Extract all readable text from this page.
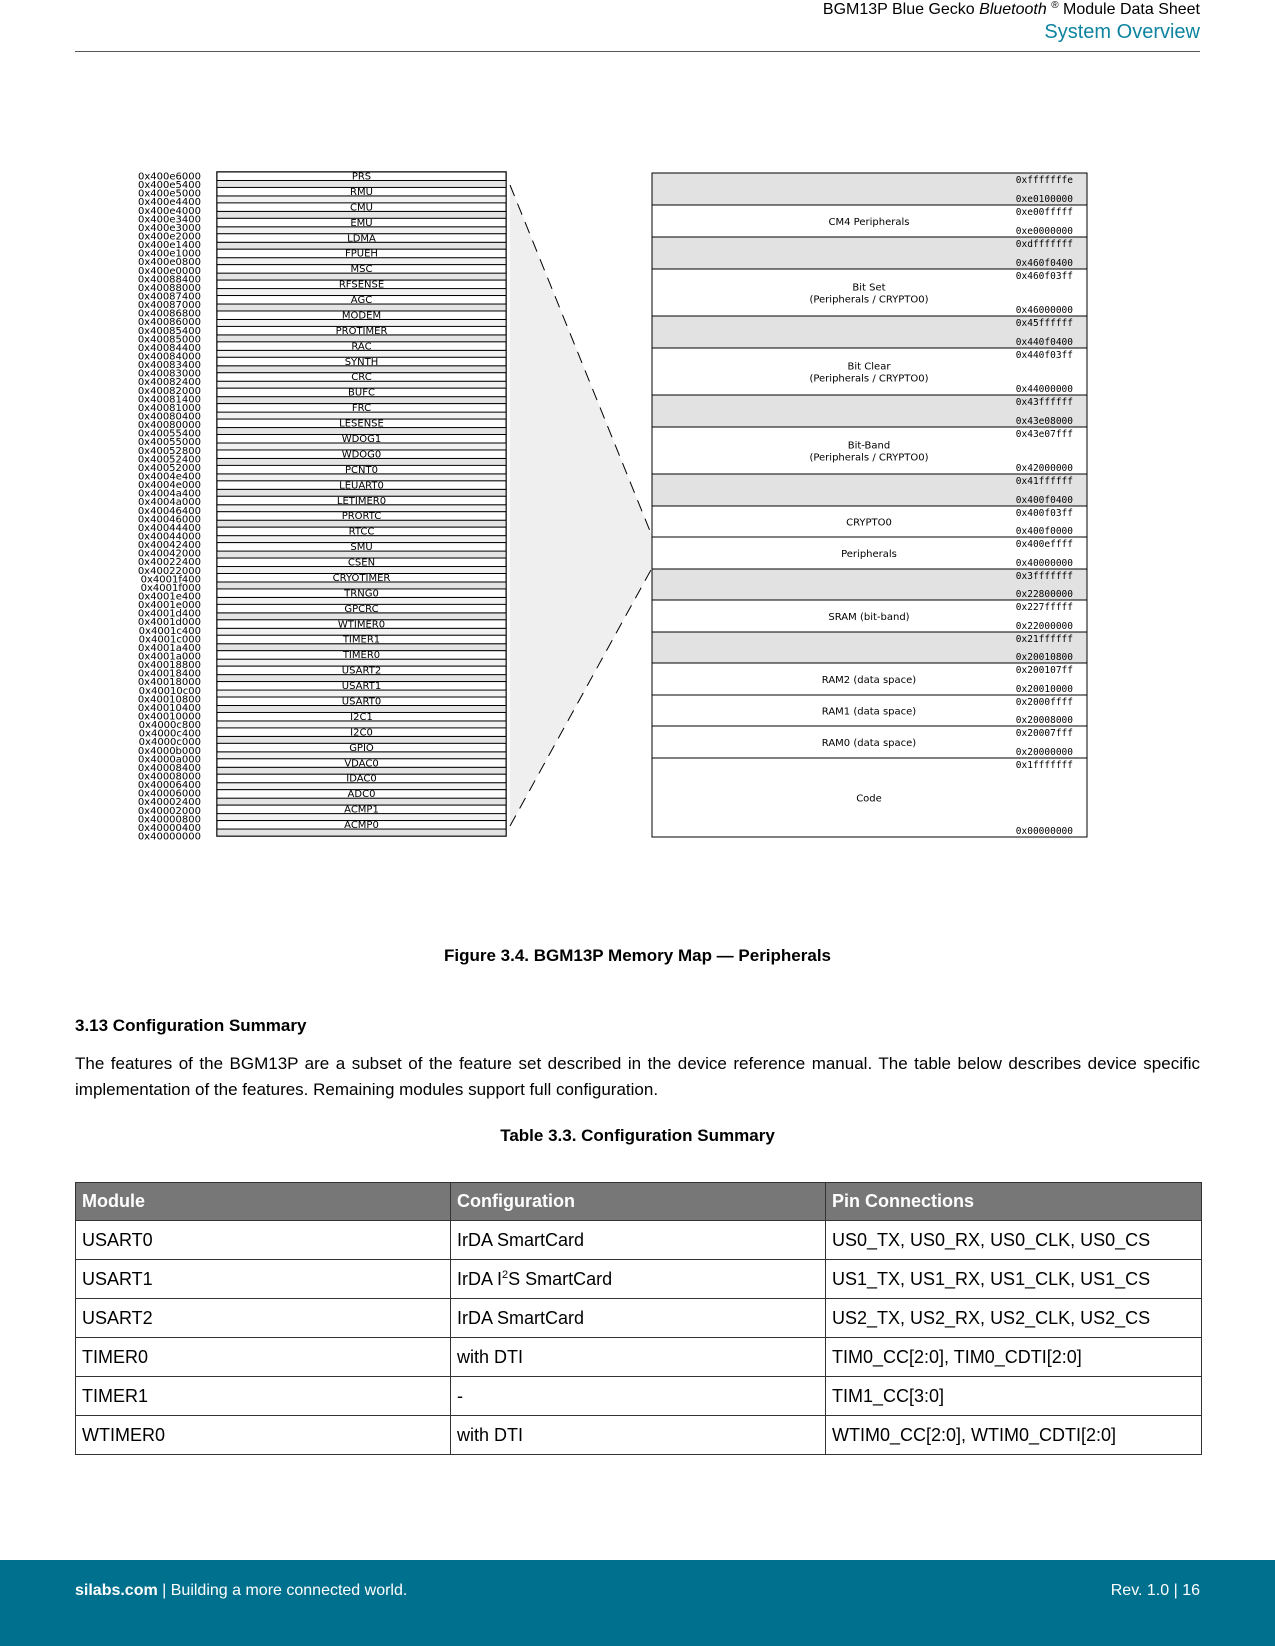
BGM13P Blue Gecko Bluetooth ® Module Data Sheet
System Overview
PRS
RMU
CMU
EMU
LDMA
FPUEH
MSC
RFSENSE
AGC
MODEM
PROTIMER
RAC
SYNTH
CRC
BUFC
FRC
LESENSE
WDOG1
WDOG0
PCNT0
LEUART0
LETIMER0
PRORTC
RTCC
SMU
CSEN
CRYOTIMER
TRNG0
GPCRC
WTIMER0
TIMER1
TIMER0
USART2
USART1
USART0
I2C1
I2C0
GPIO
VDAC0
IDAC0
ADC0
ACMP1
ACMP0
0x400e6000
0x400e5400
0x400e5000
0x400e4400
0x400e4000
0x400e3400
0x400e3000
0x400e2000
0x400e1400
0x400e1000
0x400e0800
0x400e0000
0x40088400
0x40088000
0x40087400
0x40087000
0x40086800
0x40086000
0x40085400
0x40085000
0x40084400
0x40084000
0x40083400
0x40083000
0x40082400
0x40082000
0x40081400
0x40081000
0x40080400
0x40080000
0x40055400
0x40055000
0x40052800
0x40052400
0x40052000
0x4004e400
0x4004e000
0x4004a400
0x4004a000
0x40046400
0x40046000
0x40044400
0x40044000
0x40042400
0x40042000
0x40022400
0x40022000
0x4001f400
0x4001f000
0x4001e400
0x4001e000
0x4001d400
0x4001d000
0x4001c400
0x4001c000
0x4001a400
0x4001a000
0x40018800
0x40018400
0x40018000
0x40010c00
0x40010800
0x40010400
0x40010000
0x4000c800
0x4000c400
0x4000c000
0x4000b000
0x4000a000
0x40008400
0x40008000
0x40006400
0x40006000
0x40002400
0x40002000
0x40000800
0x40000400
0x40000000
0xfffffffe
0xe0100000
CM4 Peripherals
0xe00fffff
0xe0000000
0xdfffffff
0x460f0400
Bit Set
(Peripherals / CRYPTO0)
0x460f03ff
0x46000000
0x45ffffff
0x440f0400
Bit Clear
(Peripherals / CRYPTO0)
0x440f03ff
0x44000000
0x43ffffff
0x43e08000
Bit-Band
(Peripherals / CRYPTO0)
0x43e07fff
0x42000000
0x41ffffff
0x400f0400
CRYPTO0
0x400f03ff
0x400f0000
Peripherals
0x400effff
0x40000000
0x3fffffff
0x22800000
SRAM (bit-band)
0x227fffff
0x22000000
0x21ffffff
0x20010800
RAM2 (data space)
0x200107ff
0x20010000
RAM1 (data space)
0x2000ffff
0x20008000
RAM0 (data space)
0x20007fff
0x20000000
Code
0x1fffffff
0x00000000
Figure 3.4. BGM13P Memory Map — Peripherals
3.13 Configuration Summary
The features of the BGM13P are a subset of the feature set described in the device reference manual. The table below describes device specific implementation of the features. Remaining modules support full configuration.
Table 3.3. Configuration Summary
Module	Configuration	Pin Connections
USART0	IrDA SmartCard	US0_TX, US0_RX, US0_CLK, US0_CS
USART1	IrDA $I^2S$ SmartCard	US1_TX, US1_RX, US1_CLK, US1_CS
USART2	IrDA SmartCard	US2_TX, US2_RX, US2_CLK, US2_CS
TIMER0	with DTI	TIM0_CC[2:0], TIM0_CDTI[2:0]
TIMER1	-	TIM1_CC[3:0]
WTIMER0	with DTI	WTIM0_CC[2:0], WTIM0_CDTI[2:0]
silabs.com | Building a more connected world.	Rev. 1.0 | 16
